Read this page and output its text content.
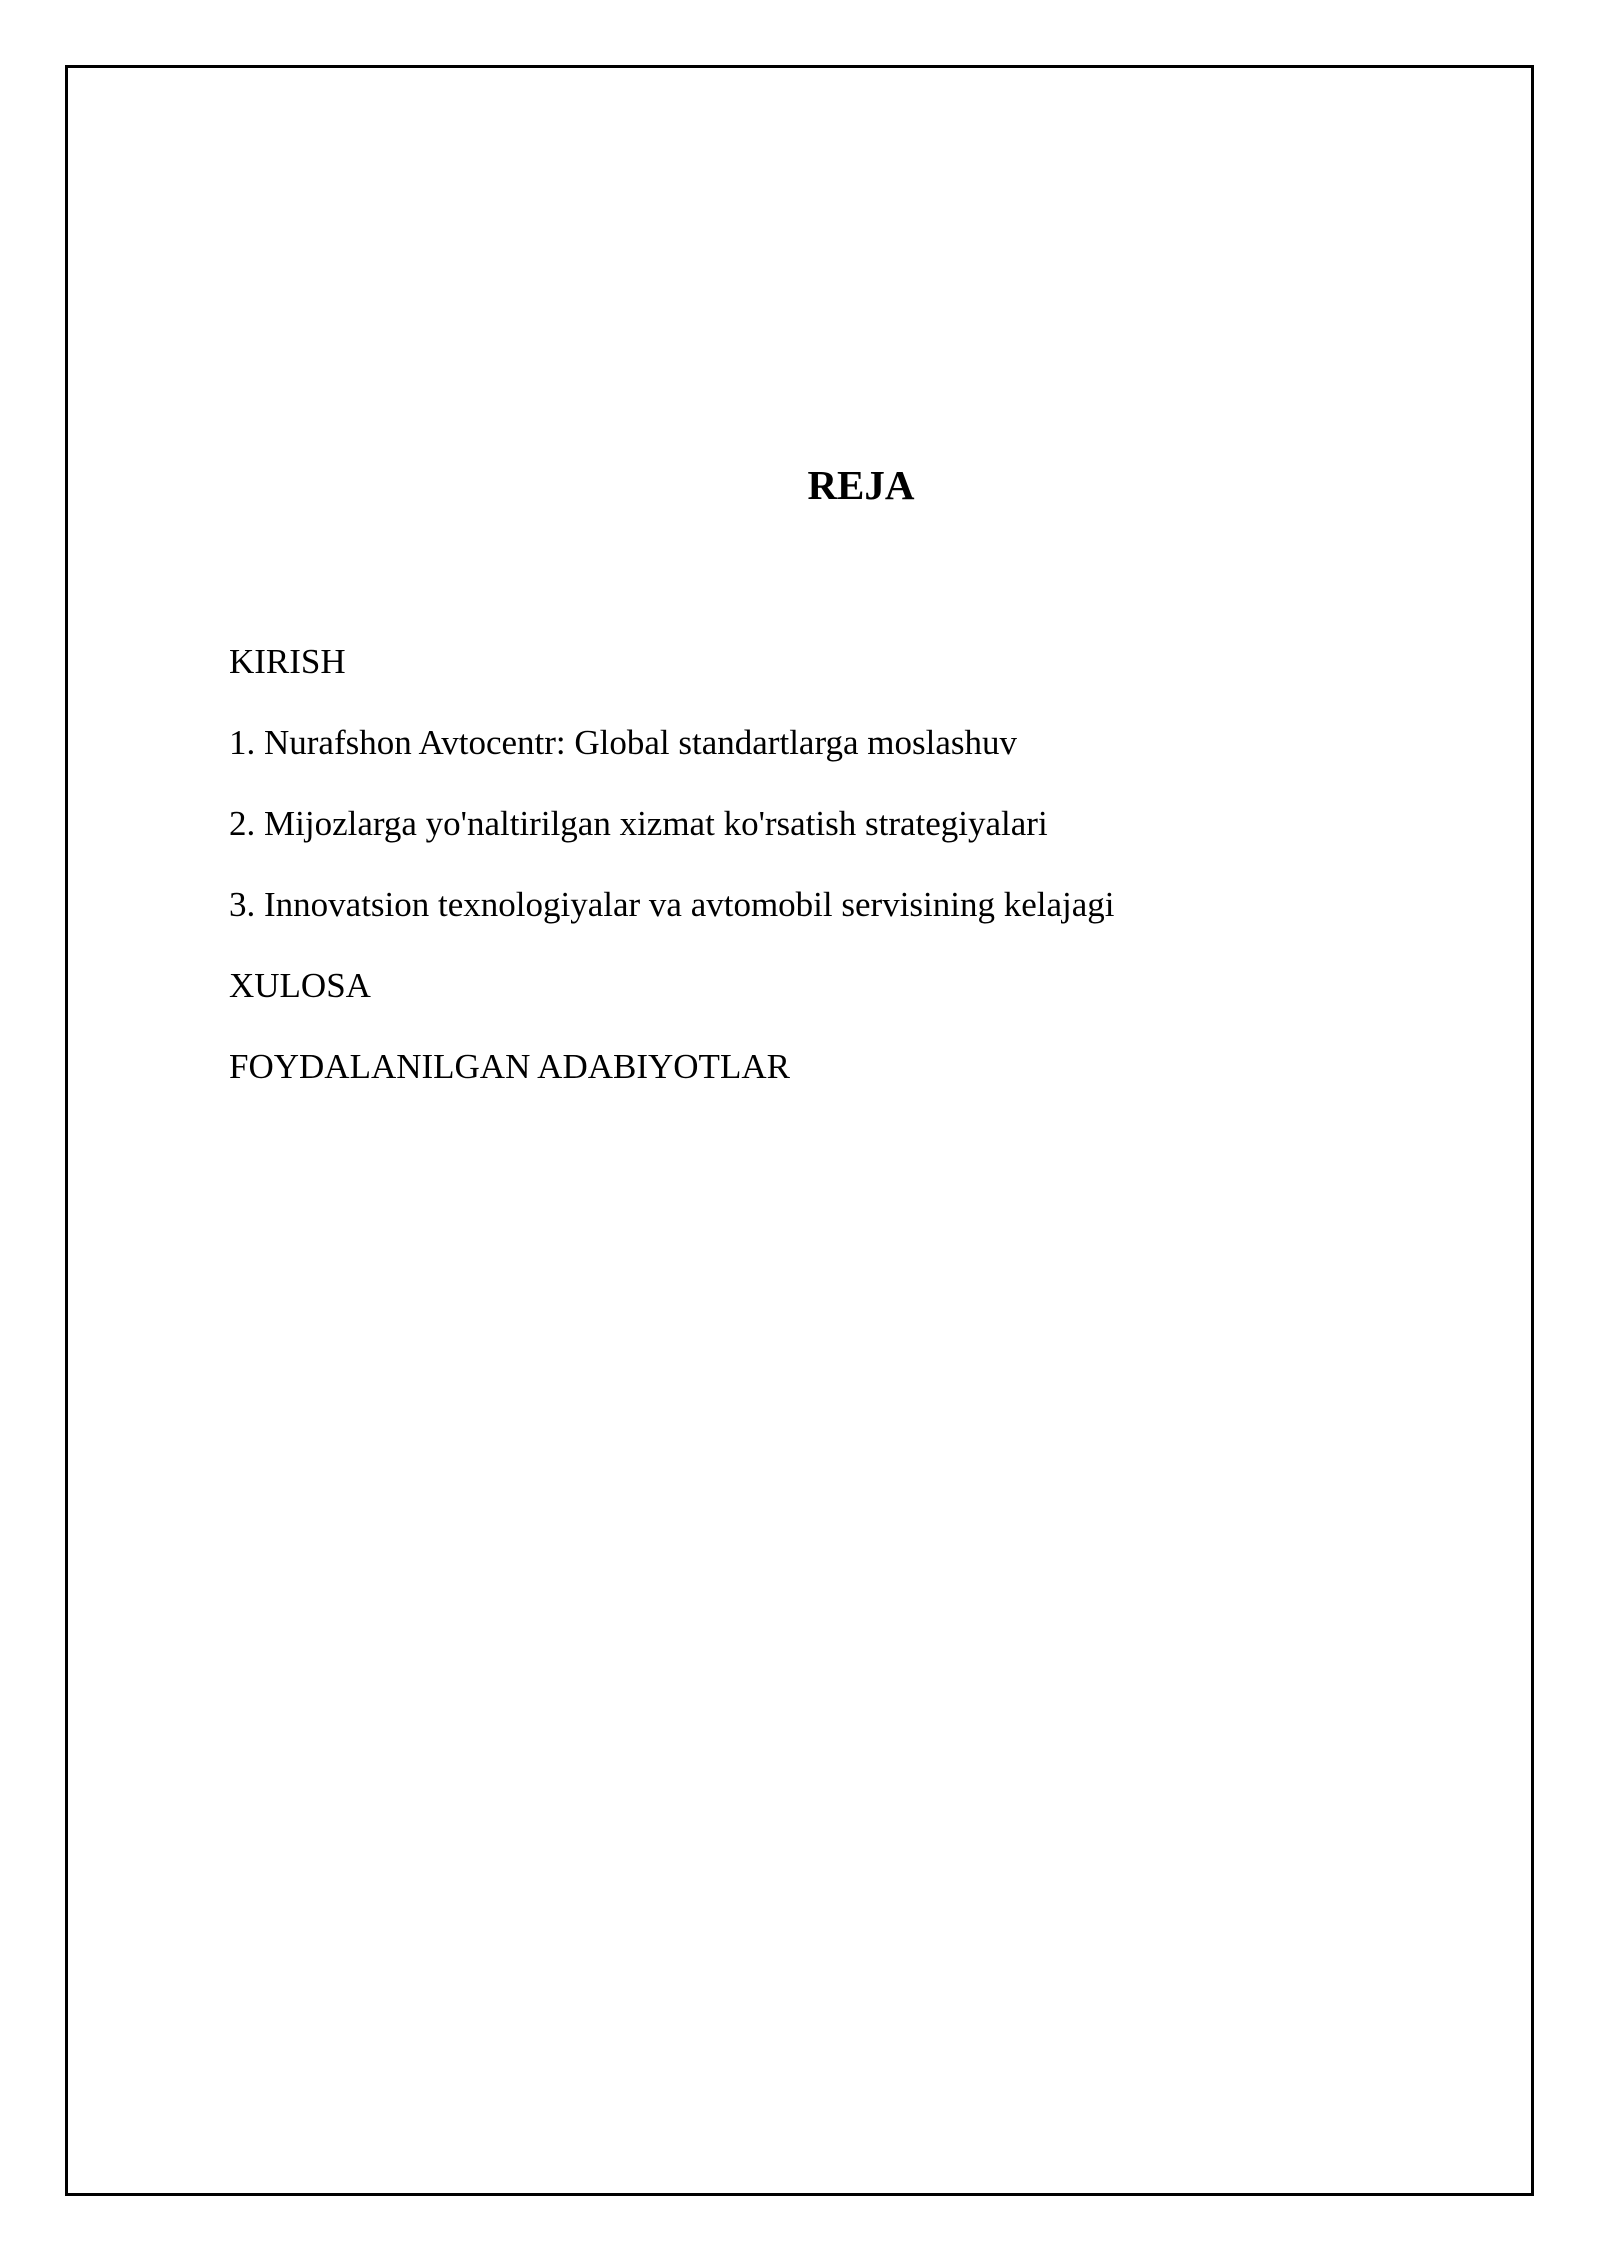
REJA
KIRISH
1. Nurafshon Avtocentr: Global standartlarga moslashuv
2. Mijozlarga yo'naltirilgan xizmat ko'rsatish strategiyalari
3. Innovatsion texnologiyalar va avtomobil servisining kelajagi
XULOSA
FOYDALANILGAN ADABIYOTLAR
